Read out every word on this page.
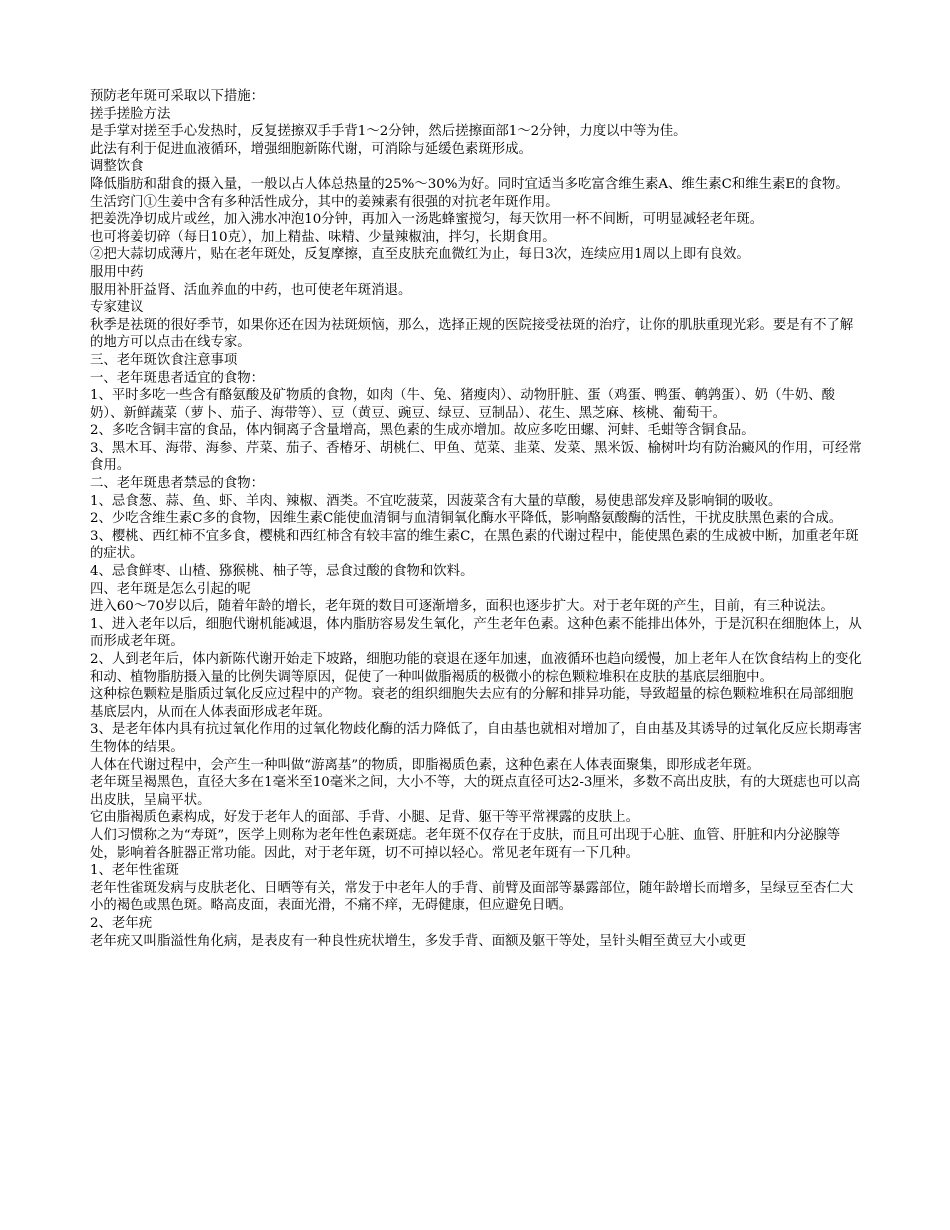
预防老年斑可采取以下措施：

搓手搓脸方法

是手掌对搓至手心发热时，反复搓擦双手手背1～2分钟，然后搓擦面部1～2分钟，力度以中等为佳。

此法有利于促进血液循环，增强细胞新陈代谢，可消除与延缓色素斑形成。

调整饮食

降低脂肪和甜食的摄入量，一般以占人体总热量的25%～30%为好。同时宜适当多吃富含维生素A、维生素C和维生素E的食物。

生活窍门①生姜中含有多种活性成分，其中的姜辣素有很强的对抗老年斑作用。

把姜洗净切成片或丝，加入沸水冲泡10分钟，再加入一汤匙蜂蜜搅匀，每天饮用一杯不间断，可明显减轻老年斑。

也可将姜切碎（每日10克），加上精盐、味精、少量辣椒油，拌匀，长期食用。

②把大蒜切成薄片，贴在老年斑处，反复摩擦，直至皮肤充血微红为止，每日3次，连续应用1周以上即有良效。

服用中药

服用补肝益肾、活血养血的中药，也可使老年斑消退。

专家建议

秋季是祛斑的很好季节，如果你还在因为祛斑烦恼，那么，选择正规的医院接受祛斑的治疗，让你的肌肤重现光彩。要是有不了解的地方可以点击在线专家。

三、老年斑饮食注意事项

一、老年斑患者适宜的食物：

1、平时多吃一些含有酪氨酸及矿物质的食物，如肉（牛、兔、猪瘦肉）、动物肝脏、蛋（鸡蛋、鸭蛋、鹌鹑蛋）、奶（牛奶、酸奶）、新鲜蔬菜（萝卜、茄子、海带等）、豆（黄豆、豌豆、绿豆、豆制品）、花生、黑芝麻、核桃、葡萄干。

2、多吃含铜丰富的食品，体内铜离子含量增高，黑色素的生成亦增加。故应多吃田螺、河蚌、毛蚶等含铜食品。

3、黑木耳、海带、海参、芹菜、茄子、香椿牙、胡桃仁、甲鱼、苋菜、韭菜、发菜、黑米饭、榆树叶均有防治癜风的作用，可经常食用。

二、老年斑患者禁忌的食物：

1、忌食葱、蒜、鱼、虾、羊肉、辣椒、酒类。不宜吃菠菜，因菠菜含有大量的草酸，易使患部发痒及影响铜的吸收。

2、少吃含维生素C多的食物，因维生素C能使血清铜与血清铜氧化酶水平降低，影响酪氨酸酶的活性，干扰皮肤黑色素的合成。

3、樱桃、西红柿不宜多食，樱桃和西红柿含有较丰富的维生素C，在黑色素的代谢过程中，能使黑色素的生成被中断，加重老年斑的症状。

4、忌食鲜枣、山楂、猕猴桃、柚子等，忌食过酸的食物和饮料。

四、老年斑是怎么引起的呢

进入60～70岁以后，随着年龄的增长，老年斑的数目可逐渐增多，面积也逐步扩大。对于老年斑的产生，目前，有三种说法。

1、进入老年以后，细胞代谢机能减退，体内脂肪容易发生氧化，产生老年色素。这种色素不能排出体外，于是沉积在细胞体上，从而形成老年斑。

2、人到老年后，体内新陈代谢开始走下坡路，细胞功能的衰退在逐年加速，血液循环也趋向缓慢，加上老年人在饮食结构上的变化和动、植物脂肪摄入量的比例失调等原因，促使了一种叫做脂褐质的极微小的棕色颗粒堆积在皮肤的基底层细胞中。

这种棕色颗粒是脂质过氧化反应过程中的产物。衰老的组织细胞失去应有的分解和排异功能，导致超量的棕色颗粒堆积在局部细胞基底层内，从而在人体表面形成老年斑。

3、是老年体内具有抗过氧化作用的过氧化物歧化酶的活力降低了，自由基也就相对增加了，自由基及其诱导的过氧化反应长期毒害生物体的结果。

人体在代谢过程中，会产生一种叫做“游离基”的物质，即脂褐质色素，这种色素在人体表面聚集，即形成老年斑。

老年斑呈褐黑色，直径大多在1毫米至10毫米之间，大小不等，大的斑点直径可达2-3厘米，多数不高出皮肤，有的大斑痣也可以高出皮肤，呈扁平状。

它由脂褐质色素构成，好发于老年人的面部、手背、小腿、足背、躯干等平常裸露的皮肤上。

人们习惯称之为“寿斑”，医学上则称为老年性色素斑痣。老年斑不仅存在于皮肤，而且可出现于心脏、血管、肝脏和内分泌腺等处，影响着各脏器正常功能。因此，对于老年斑，切不可掉以轻心。常见老年斑有一下几种。

1、老年性雀斑

老年性雀斑发病与皮肤老化、日晒等有关，常发于中老年人的手背、前臂及面部等暴露部位，随年龄增长而增多，呈绿豆至杏仁大小的褐色或黑色斑。略高皮面，表面光滑，不痛不痒，无碍健康，但应避免日晒。

2、老年疣

老年疣又叫脂溢性角化病，是表皮有一种良性疣状增生，多发手背、面额及躯干等处，呈针头帽至黄豆大小或更
